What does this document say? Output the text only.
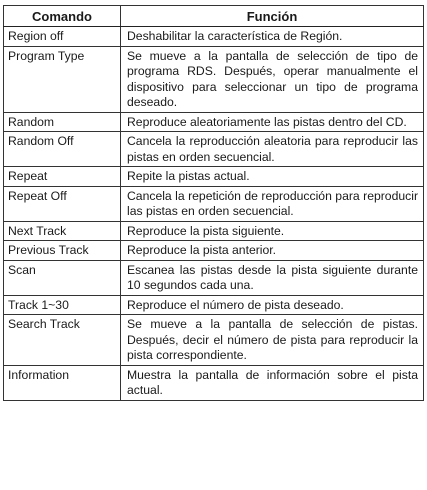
Comando	Función
Region off	Deshabilitar la característica de Región.
Program Type	Se mueve a la pantalla de selección de tipo de programa RDS. Después, operar manualmente el dispositivo para seleccionar un tipo de programa deseado.
Random	Reproduce aleatoriamente las pistas dentro del CD.
Random Off	Cancela la reproducción aleatoria para reproducir las pistas en orden secuencial.
Repeat	Repite la pistas actual.
Repeat Off	Cancela la repetición de reproducción para reproducir las pistas en orden secuencial.
Next Track	Reproduce la pista siguiente.
Previous Track	Reproduce la pista anterior.
Scan	Escanea las pistas desde la pista siguiente durante 10 segundos cada una.
Track 1~30	Reproduce el número de pista deseado.
Search Track	Se mueve a la pantalla de selección de pistas. Después, decir el número de pista para reproducir la pista correspondiente.
Information	Muestra la pantalla de información sobre el pista actual.
